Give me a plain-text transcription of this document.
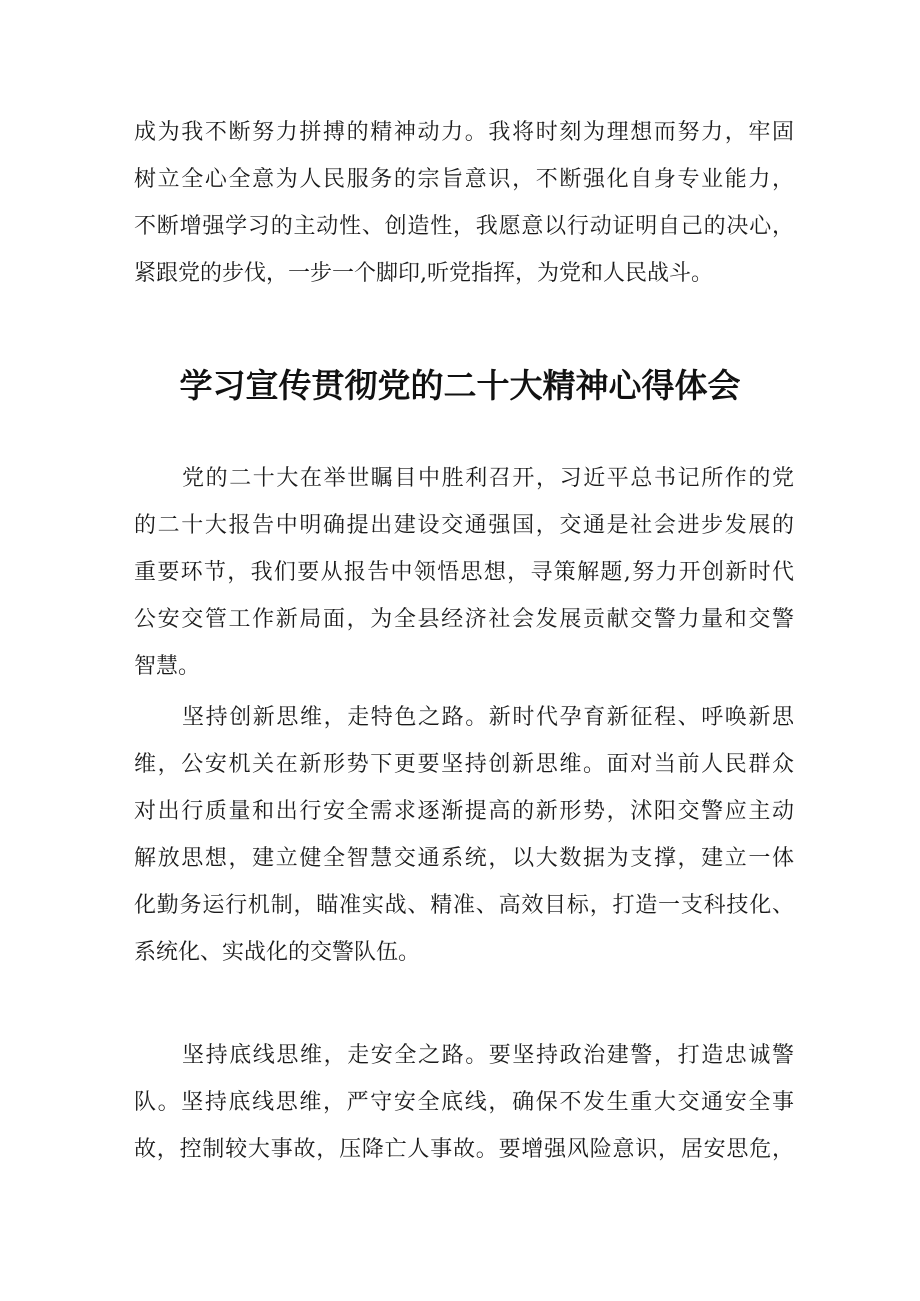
成为我不断努力拼搏的精神动力。我将时刻为理想而努力，牢固
树立全心全意为人民服务的宗旨意识，不断强化自身专业能力，
不断增强学习的主动性、创造性，我愿意以行动证明自己的决心，
紧跟党的步伐，一步一个脚印,听党指挥，为党和人民战斗。
学习宣传贯彻党的二十大精神心得体会
党的二十大在举世瞩目中胜利召开，习近平总书记所作的党
的二十大报告中明确提出建设交通强国，交通是社会进步发展的
重要环节，我们要从报告中领悟思想，寻策解题,努力开创新时代
公安交管工作新局面，为全县经济社会发展贡献交警力量和交警
智慧。
坚持创新思维，走特色之路。新时代孕育新征程、呼唤新思
维，公安机关在新形势下更要坚持创新思维。面对当前人民群众
对出行质量和出行安全需求逐渐提高的新形势，沭阳交警应主动
解放思想，建立健全智慧交通系统，以大数据为支撑，建立一体
化勤务运行机制，瞄准实战、精准、高效目标，打造一支科技化、
系统化、实战化的交警队伍。
坚持底线思维，走安全之路。要坚持政治建警，打造忠诚警
队。坚持底线思维，严守安全底线，确保不发生重大交通安全事
故，控制较大事故，压降亡人事故。要增强风险意识，居安思危，
